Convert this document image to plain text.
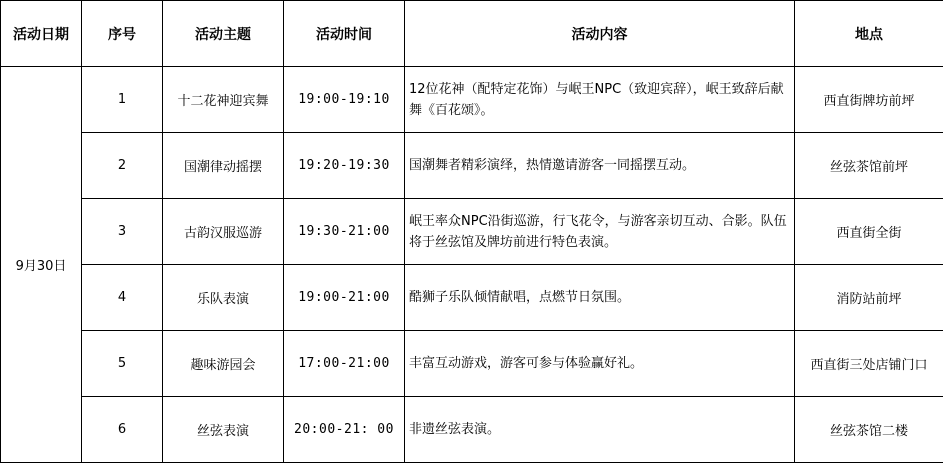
活动日期	序号	活动主题	活动时间	活动内容	地点
9月30日	1	十二花神迎宾舞	19:00-19:10	12位花神（配特定花饰）与岷王NPC（致迎宾辞），岷王致辞后献舞《百花颂》。	西直街牌坊前坪
	2	国潮律动摇摆	19:20-19:30	国潮舞者精彩演绎，热情邀请游客一同摇摆互动。	丝弦茶馆前坪
	3	古韵汉服巡游	19:30-21:00	岷王率众NPC沿街巡游，行飞花令，与游客亲切互动、合影。队伍将于丝弦馆及牌坊前进行特色表演。	西直街全街
	4	乐队表演	19:00-21:00	酷狮子乐队倾情献唱，点燃节日氛围。	消防站前坪
	5	趣味游园会	17:00-21:00	丰富互动游戏，游客可参与体验赢好礼。	西直街三处店铺门口
	6	丝弦表演	20:00-21: 00	非遗丝弦表演。	丝弦茶馆二楼
